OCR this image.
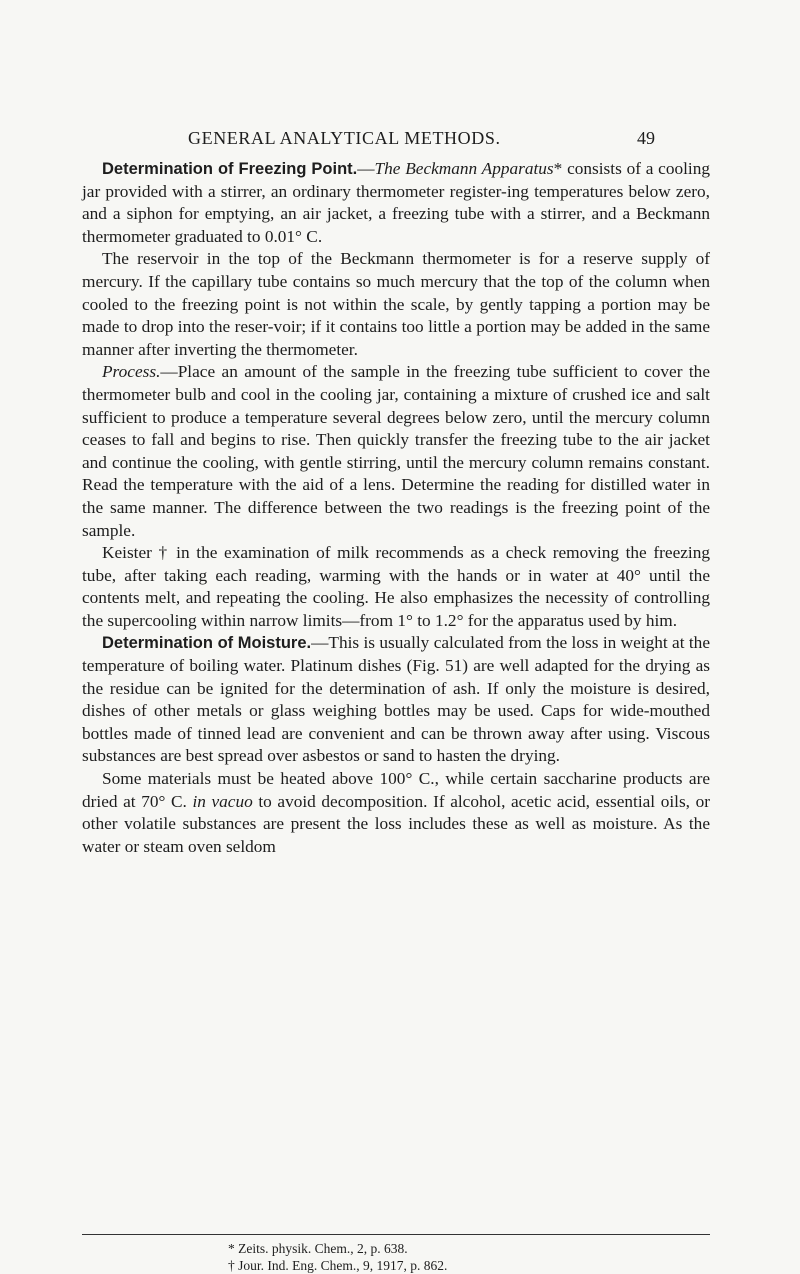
GENERAL ANALYTICAL METHODS.	49

Determination of Freezing Point.—The Beckmann Apparatus* consists of a cooling jar provided with a stirrer, an ordinary thermometer register-ing temperatures below zero, and a siphon for emptying, an air jacket, a freezing tube with a stirrer, and a Beckmann thermometer graduated to 0.01° C.

The reservoir in the top of the Beckmann thermometer is for a reserve supply of mercury. If the capillary tube contains so much mercury that the top of the column when cooled to the freezing point is not within the scale, by gently tapping a portion may be made to drop into the reser-voir; if it contains too little a portion may be added in the same manner after inverting the thermometer.

Process.—Place an amount of the sample in the freezing tube sufficient to cover the thermometer bulb and cool in the cooling jar, containing a mixture of crushed ice and salt sufficient to produce a temperature several degrees below zero, until the mercury column ceases to fall and begins to rise. Then quickly transfer the freezing tube to the air jacket and continue the cooling, with gentle stirring, until the mercury column remains constant. Read the temperature with the aid of a lens. Determine the reading for distilled water in the same manner. The difference between the two readings is the freezing point of the sample.

Keister † in the examination of milk recommends as a check removing the freezing tube, after taking each reading, warming with the hands or in water at 40° until the contents melt, and repeating the cooling. He also emphasizes the necessity of controlling the supercooling within narrow limits—from 1° to 1.2° for the apparatus used by him.

Determination of Moisture.—This is usually calculated from the loss in weight at the temperature of boiling water. Platinum dishes (Fig. 51) are well adapted for the drying as the residue can be ignited for the determination of ash. If only the moisture is desired, dishes of other metals or glass weighing bottles may be used. Caps for wide-mouthed bottles made of tinned lead are convenient and can be thrown away after using. Viscous substances are best spread over asbestos or sand to hasten the drying.

Some materials must be heated above 100° C., while certain saccharine products are dried at 70° C. in vacuo to avoid decomposition. If alcohol, acetic acid, essential oils, or other volatile substances are present the loss includes these as well as moisture. As the water or steam oven seldom

* Zeits. physik. Chem., 2, p. 638.
† Jour. Ind. Eng. Chem., 9, 1917, p. 862.
